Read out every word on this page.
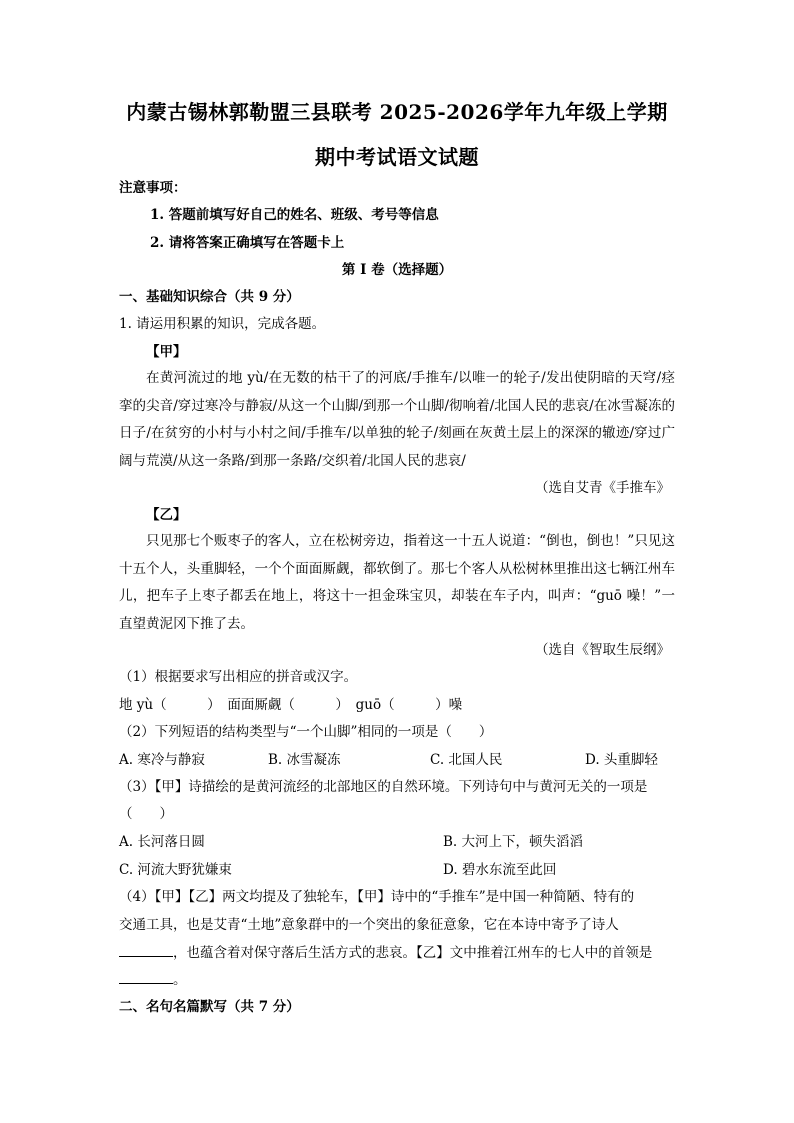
内蒙古锡林郭勒盟三县联考 2025-2026学年九年级上学期
期中考试语文试题
注意事项：
1. 答题前填写好自己的姓名、班级、考号等信息
2. 请将答案正确填写在答题卡上
第 I 卷（选择题）
一、基础知识综合（共 9 分）
1. 请运用积累的知识，完成各题。
【甲】
在黄河流过的地 yù/在无数的枯干了的河底/手推车/以唯一的轮子/发出使阴暗的天穹/痉挛的尖音/穿过寒冷与静寂/从这一个山脚/到那一个山脚/彻响着/北国人民的悲哀/在冰雪凝冻的日子/在贫穷的小村与小村之间/手推车/以单独的轮子/刻画在灰黄土层上的深深的辙迹/穿过广阔与荒漠/从这一条路/到那一条路/交织着/北国人民的悲哀/
（选自艾青《手推车》
【乙】
只见那七个贩枣子的客人，立在松树旁边，指着这一十五人说道：“倒也，倒也！”只见这十五个人，头重脚轻，一个个面面厮觑，都软倒了。那七个客人从松树林里推出这七辆江州车儿，把车子上枣子都丢在地上，将这十一担金珠宝贝，却装在车子内，叫声：“guō 噪！”一直望黄泥冈下推了去。
（选自《智取生辰纲》
（1）根据要求写出相应的拼音或汉字。
地 yù（　　　）　面面厮觑（　　　）　guō（　　　）噪
（2）下列短语的结构类型与“一个山脚”相同的一项是（　　）
A. 寒冷与静寂	B. 冰雪凝冻	C. 北国人民	D. 头重脚轻
（3）【甲】诗描绘的是黄河流经的北部地区的自然环境。下列诗句中与黄河无关的一项是
（　　）
A. 长河落日圆	B. 大河上下，顿失滔滔
C. 河流大野犹嫌束	D. 碧水东流至此回
（4）【甲】【乙】两文均提及了独轮车，【甲】诗中的“手推车”是中国一种简陋、特有的
交通工具，也是艾青“土地”意象群中的一个突出的象征意象，它在本诗中寄予了诗人
，也蕴含着对保守落后生活方式的悲哀。【乙】文中推着江州车的七人中的首领是
。
二、名句名篇默写（共 7 分）
